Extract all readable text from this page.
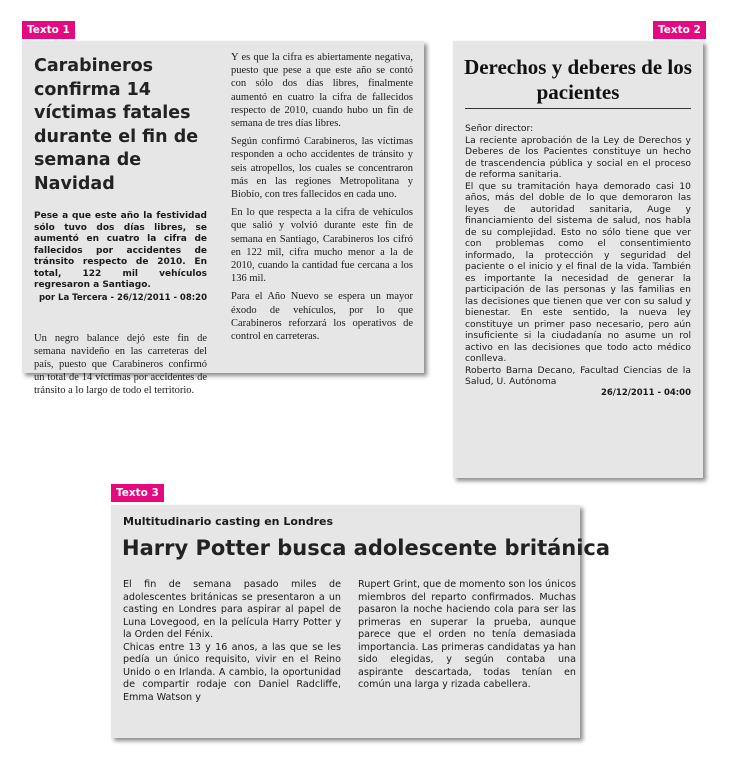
Texto 1	Texto 2
Texto 3
Carabineros confirma 14 víctimas fatales durante el fin de semana de Navidad

Pese a que este año la festividad sólo tuvo dos días libres, se aumentó en cuatro la cifra de fallecidos por accidentes de tránsito respecto de 2010. En total, 122 mil vehículos regresaron a Santiago.

por La Tercera - 26/12/2011 - 08:20

Un negro balance dejó este fin de semana navideño en las carreteras del país, puesto que Carabineros confirmó un total de 14 víctimas por accidentes de tránsito a lo largo de todo el territorio.

Y es que la cifra es abiertamente negativa, puesto que pese a que este año se contó con sólo dos días libres, finalmente aumentó en cuatro la cifra de fallecidos respecto de 2010, cuando hubo un fin de semana de tres días libres.

Según confirmó Carabineros, las víctimas responden a ocho accidentes de tránsito y seis atropellos, los cuales se concentraron más en las regiones Metropolitana y Biobío, con tres fallecidos en cada uno.

En lo que respecta a la cifra de vehículos que salió y volvió durante este fin de semana en Santiago, Carabineros los cifró en 122 mil, cifra mucho menor a la de 2010, cuando la cantidad fue cercana a los 136 mil.

Para el Año Nuevo se espera un mayor éxodo de vehículos, por lo que Carabineros reforzará los operativos de control en carreteras.

Derechos y deberes de los pacientes

Señor director:

La reciente aprobación de la Ley de Derechos y Deberes de los Pacientes constituye un hecho de trascendencia pública y social en el proceso de reforma sanitaria.

El que su tramitación haya demorado casi 10 años, más del doble de lo que demoraron las leyes de autoridad sanitaria, Auge y financiamiento del sistema de salud, nos habla de su complejidad. Esto no sólo tiene que ver con problemas como el consentimiento informado, la protección y seguridad del paciente o el inicio y el final de la vida. También es importante la necesidad de generar la participación de las personas y las familias en las decisiones que tienen que ver con su salud y bienestar. En este sentido, la nueva ley constituye un primer paso necesario, pero aún insuficiente si la ciudadanía no asume un rol activo en las decisiones que todo acto médico conlleva.

Roberto Barna Decano, Facultad Ciencias de la Salud, U. Autónoma

26/12/2011 - 04:00

Multitudinario casting en Londres
Harry Potter busca adolescente británica

El fin de semana pasado miles de adolescentes británicas se presentaron a un casting en Londres para aspirar al papel de Luna Lovegood, en la película Harry Potter y la Orden del Fénix.

Chicas entre 13 y 16 anos, a las que se les pedía un único requisito, vivir en el Reino Unido o en Irlanda. A cambio, la oportunidad de compartir rodaje con Daniel Radcliffe, Emma Watson y

Rupert Grint, que de momento son los únicos miembros del reparto confirmados. Muchas pasaron la noche haciendo cola para ser las primeras en superar la prueba, aunque parece que el orden no tenía demasiada importancia. Las primeras candidatas ya han sido elegidas, y según contaba una aspirante descartada, todas tenían en común una larga y rizada cabellera.
